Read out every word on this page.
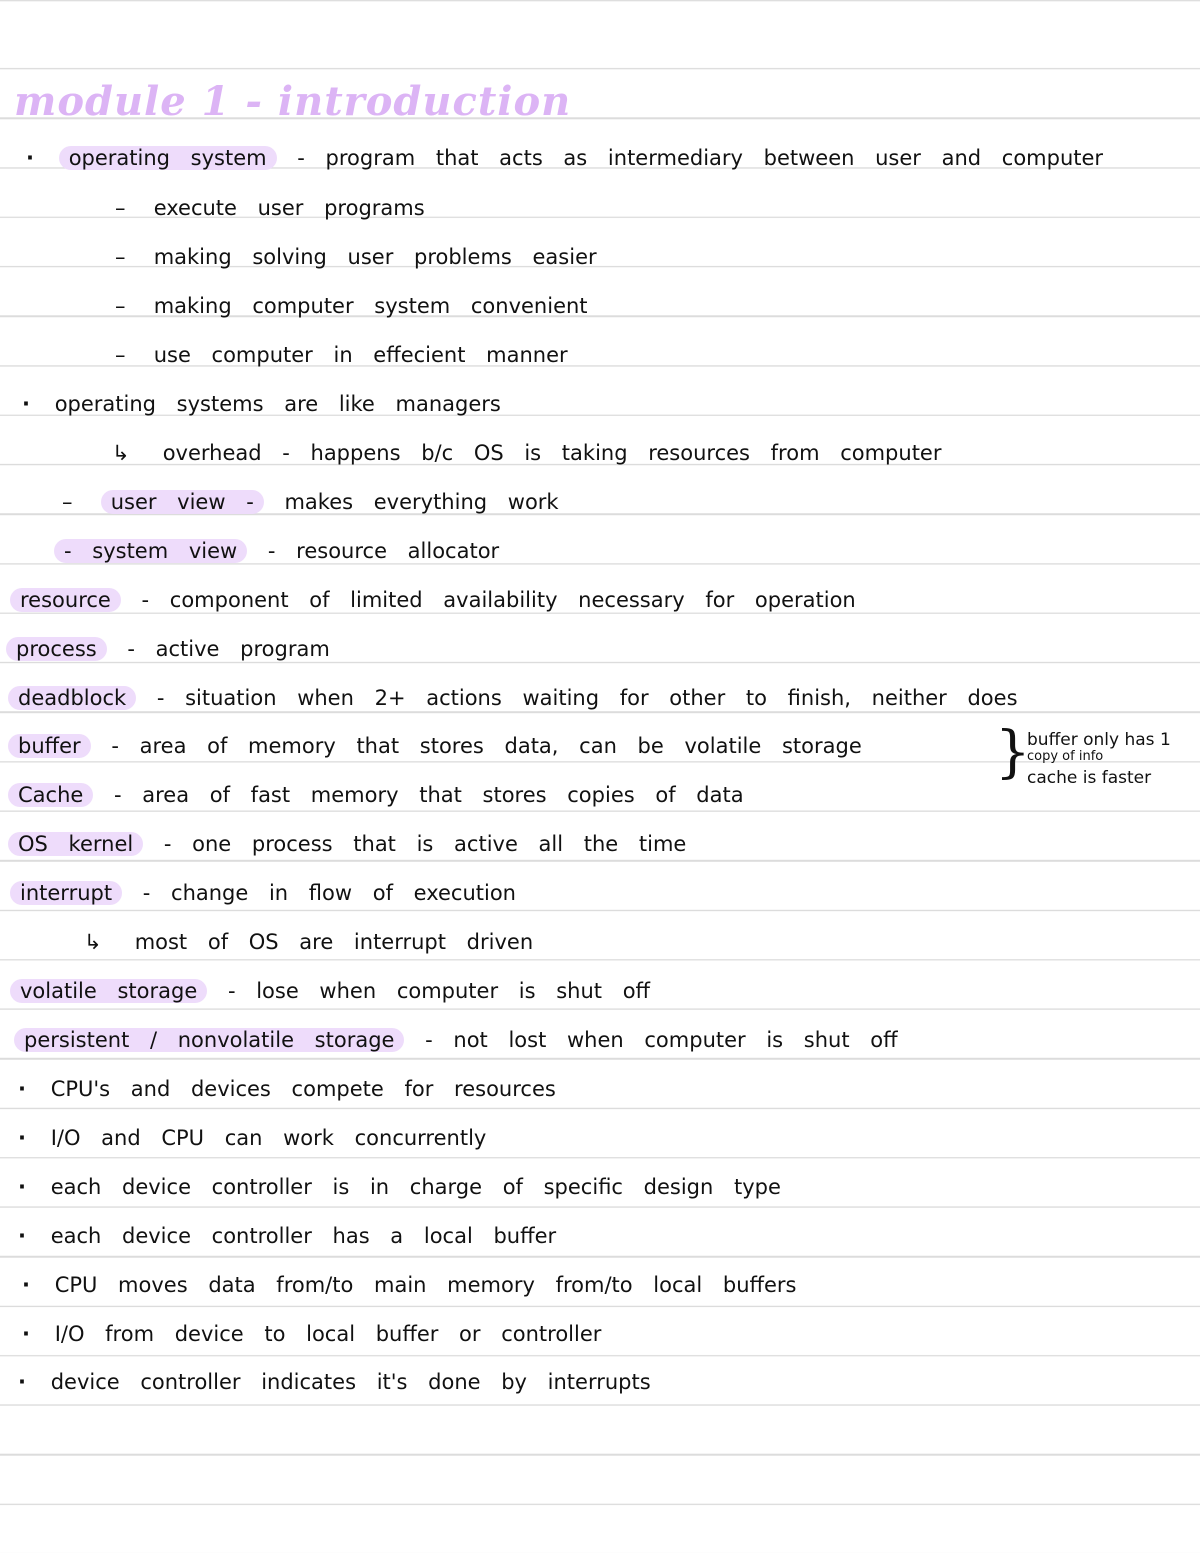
module 1 - introduction
· operating system - program that acts as intermediary between user and computer
– execute user programs
– making solving user problems easier
– making computer system convenient
– use computer in effecient manner
· operating systems are like managers
↳ overhead - happens b/c OS is taking resources from computer
– user view - makes everything work
- system view - resource allocator
resource - component of limited availability necessary for operation
process - active program
deadblock - situation when 2+ actions waiting for other to finish, neither does
buffer - area of memory that stores data, can be volatile storage
Cache - area of fast memory that stores copies of data
}
buffer only has 1
copy of info
cache is faster
OS kernel - one process that is active all the time
interrupt - change in flow of execution
↳ most of OS are interrupt driven
volatile storage - lose when computer is shut off
persistent / nonvolatile storage - not lost when computer is shut off
· CPU's and devices compete for resources
· I/O and CPU can work concurrently
· each device controller is in charge of specific design type
· each device controller has a local buffer
· CPU moves data from/to main memory from/to local buffers
· I/O from device to local buffer or controller
· device controller indicates it's done by interrupts
